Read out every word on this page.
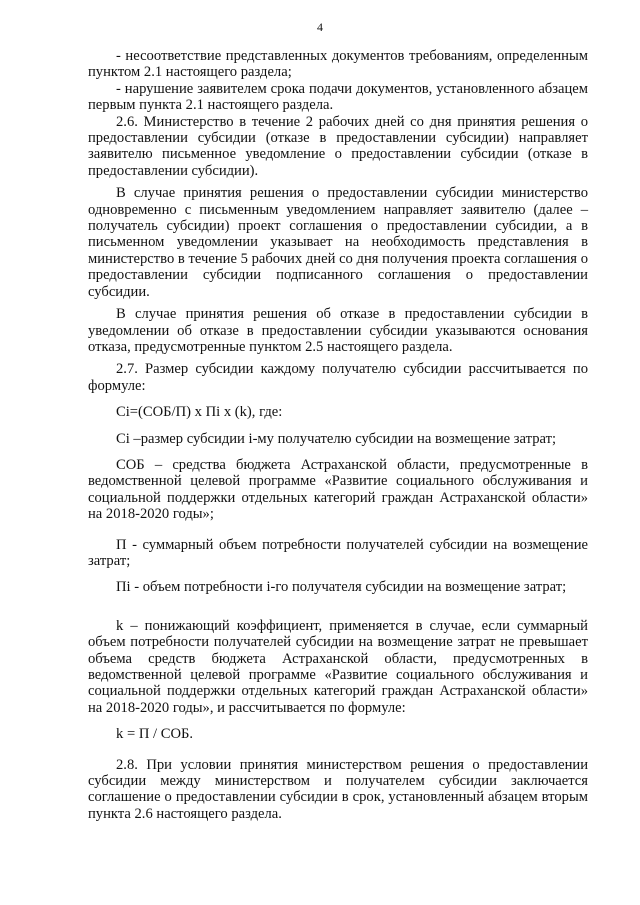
4

- несоответствие представленных документов требованиям, определенным пунктом 2.1 настоящего раздела;

- нарушение заявителем срока подачи документов, установленного абзацем первым пункта 2.1 настоящего раздела.

2.6. Министерство в течение 2 рабочих дней со дня принятия решения о предоставлении субсидии (отказе в предоставлении субсидии) направляет заявителю письменное уведомление о предоставлении субсидии (отказе в предоставлении субсидии).

В случае принятия решения о предоставлении субсидии министерство одновременно с письменным уведомлением направляет заявителю (далее – получатель субсидии) проект соглашения о предоставлении субсидии, а в письменном уведомлении указывает на необходимость представления в министерство в течение 5 рабочих дней со дня получения проекта соглашения о предоставлении субсидии подписанного соглашения о предоставлении субсидии.

В случае принятия решения об отказе в предоставлении субсидии в уведомлении об отказе в предоставлении субсидии указываются основания отказа, предусмотренные пунктом 2.5 настоящего раздела.

2.7. Размер субсидии каждому получателю субсидии рассчитывается по формуле:

Ci=(СОБ/П) x Пi x (k), где:

Ci –размер субсидии i-му получателю субсидии на возмещение затрат;

СОБ – средства бюджета Астраханской области, предусмотренные в ведомственной целевой программе «Развитие социального обслуживания и социальной поддержки отдельных категорий граждан Астраханской области» на 2018-2020 годы»;

П - суммарный объем потребности получателей субсидии на возмещение затрат;

Пi - объем потребности i-го получателя субсидии на возмещение затрат;

k – понижающий коэффициент, применяется в случае, если суммарный объем потребности получателей субсидии на возмещение затрат не превышает объема средств бюджета Астраханской области, предусмотренных в ведомственной целевой программе «Развитие социального обслуживания и социальной поддержки отдельных категорий граждан Астраханской области» на 2018-2020 годы», и рассчитывается по формуле:

k = П / СОБ.

2.8. При условии принятия министерством решения о предоставлении субсидии между министерством и получателем субсидии заключается соглашение о предоставлении субсидии в срок, установленный абзацем вторым пункта 2.6 настоящего раздела.
